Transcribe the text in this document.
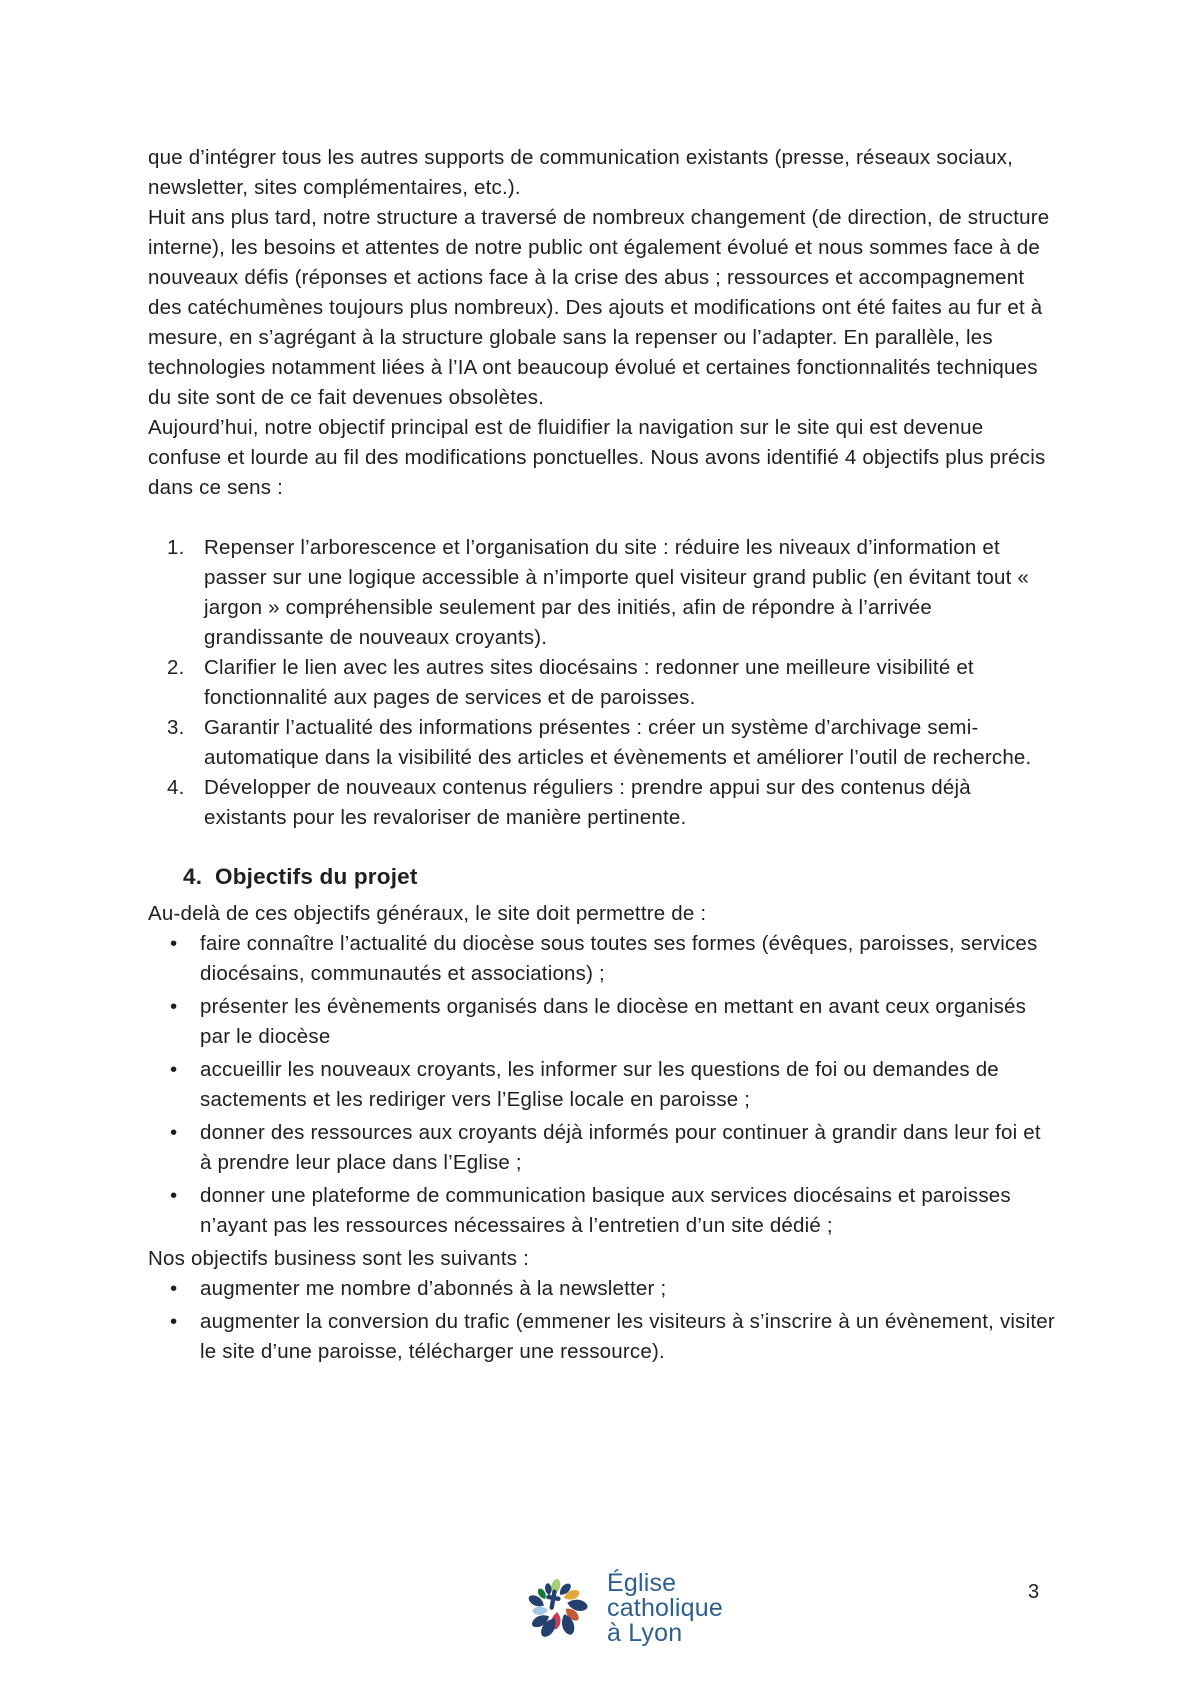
que d’intégrer tous les autres supports de communication existants (presse, réseaux sociaux, newsletter, sites complémentaires, etc.).

Huit ans plus tard, notre structure a traversé de nombreux changement (de direction, de structure interne), les besoins et attentes de notre public ont également évolué et nous sommes face à de nouveaux défis (réponses et actions face à la crise des abus ; ressources et accompagnement des catéchumènes toujours plus nombreux). Des ajouts et modifications ont été faites au fur et à mesure, en s’agrégant à la structure globale sans la repenser ou l’adapter. En parallèle, les technologies notamment liées à l’IA ont beaucoup évolué et certaines fonctionnalités techniques du site sont de ce fait devenues obsolètes.

Aujourd’hui, notre objectif principal est de fluidifier la navigation sur le site qui est devenue confuse et lourde au fil des modifications ponctuelles. Nous avons identifié 4 objectifs plus précis dans ce sens :

1. Repenser l’arborescence et l’organisation du site : réduire les niveaux d’information et passer sur une logique accessible à n’importe quel visiteur grand public (en évitant tout « jargon » compréhensible seulement par des initiés, afin de répondre à l’arrivée grandissante de nouveaux croyants).
2. Clarifier le lien avec les autres sites diocésains : redonner une meilleure visibilité et fonctionnalité aux pages de services et de paroisses.
3. Garantir l’actualité des informations présentes : créer un système d’archivage semi-automatique dans la visibilité des articles et évènements et améliorer l’outil de recherche.
4. Développer de nouveaux contenus réguliers : prendre appui sur des contenus déjà existants pour les revaloriser de manière pertinente.
4. Objectifs du projet

Au-delà de ces objectifs généraux, le site doit permettre de :

•	faire connaître l’actualité du diocèse sous toutes ses formes (évêques, paroisses, services diocésains, communautés et associations) ;
•	présenter les évènements organisés dans le diocèse en mettant en avant ceux organisés par le diocèse
•	accueillir les nouveaux croyants, les informer sur les questions de foi ou demandes de sactements et les rediriger vers l’Eglise locale en paroisse ;
•	donner des ressources aux croyants déjà informés pour continuer à grandir dans leur foi et à prendre leur place dans l’Eglise ;
•	donner une plateforme de communication basique aux services diocésains et paroisses n’ayant pas les ressources nécessaires à l’entretien d’un site dédié ;

Nos objectifs business sont les suivants :

•	augmenter me nombre d’abonnés à la newsletter ;
•	augmenter la conversion du trafic (emmener les visiteurs à s’inscrire à un évènement, visiter le site d’une paroisse, télécharger une ressource).
Église
catholique
à Lyon
3
